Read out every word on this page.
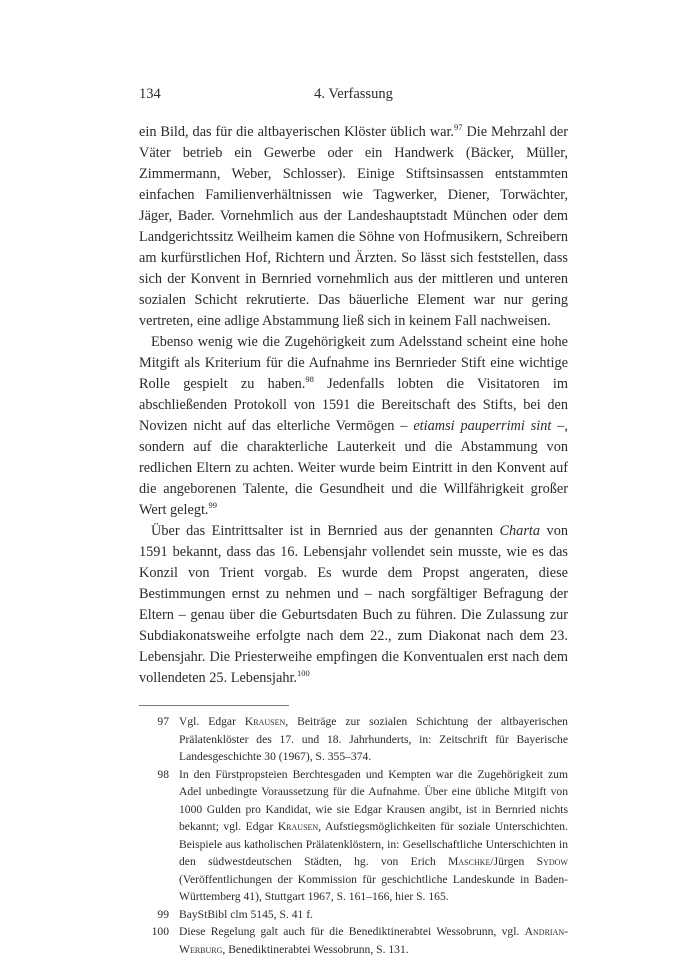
134	4. Verfassung

ein Bild, das für die altbayerischen Klöster üblich war.$^{97}$ Die Mehrzahl der Väter betrieb ein Gewerbe oder ein Handwerk (Bäcker, Müller, Zimmermann, Weber, Schlosser). Einige Stiftsinsassen entstammten einfachen Familienverhältnissen wie Tagwerker, Diener, Torwächter, Jäger, Bader. Vornehmlich aus der Landeshauptstadt München oder dem Landgerichtssitz Weilheim kamen die Söhne von Hofmusikern, Schreibern am kurfürstlichen Hof, Richtern und Ärzten. So lässt sich feststellen, dass sich der Konvent in Bernried vornehmlich aus der mittleren und unteren sozialen Schicht rekrutierte. Das bäuerliche Element war nur gering vertreten, eine adlige Abstammung ließ sich in keinem Fall nachweisen.

Ebenso wenig wie die Zugehörigkeit zum Adelsstand scheint eine hohe Mitgift als Kriterium für die Aufnahme ins Bernrieder Stift eine wichtige Rolle gespielt zu haben.$^{98}$ Jedenfalls lobten die Visitatoren im abschließenden Protokoll von 1591 die Bereitschaft des Stifts, bei den Novizen nicht auf das elterliche Vermögen – etiamsi pauperrimi sint –, sondern auf die charakterliche Lauterkeit und die Abstammung von redlichen Eltern zu achten. Weiter wurde beim Eintritt in den Konvent auf die angeborenen Talente, die Gesundheit und die Willfährigkeit großer Wert gelegt.$^{99}$

Über das Eintrittsalter ist in Bernried aus der genannten Charta von 1591 bekannt, dass das 16. Lebensjahr vollendet sein musste, wie es das Konzil von Trient vorgab. Es wurde dem Propst angeraten, diese Bestimmungen ernst zu nehmen und – nach sorgfältiger Befragung der Eltern – genau über die Geburtsdaten Buch zu führen. Die Zulassung zur Subdiakonatsweihe erfolgte nach dem 22., zum Diakonat nach dem 23. Lebensjahr. Die Priesterweihe empfingen die Konventualen erst nach dem vollendeten 25. Lebensjahr.$^{100}$

97 Vgl. Edgar Krausen, Beiträge zur sozialen Schichtung der altbayerischen Prälatenklöster des 17. und 18. Jahrhunderts, in: Zeitschrift für Bayerische Landesgeschichte 30 (1967), S. 355–374.
98 In den Fürstpropsteien Berchtesgaden und Kempten war die Zugehörigkeit zum Adel unbedingte Voraussetzung für die Aufnahme. Über eine übliche Mitgift von 1000 Gulden pro Kandidat, wie sie Edgar Krausen angibt, ist in Bernried nichts bekannt; vgl. Edgar Krausen, Aufstiegsmöglichkeiten für soziale Unterschichten. Beispiele aus katholischen Prälatenklöstern, in: Gesellschaftliche Unterschichten in den südwestdeutschen Städten, hg. von Erich Maschke/Jürgen Sydow (Veröffentlichungen der Kommission für geschichtliche Landeskunde in Baden-Württemberg 41), Stuttgart 1967, S. 161–166, hier S. 165.
99 BayStBibl clm 5145, S. 41 f.
100 Diese Regelung galt auch für die Benediktinerabtei Wessobrunn, vgl. Andrian-Werburg, Benediktinerabtei Wessobrunn, S. 131.
